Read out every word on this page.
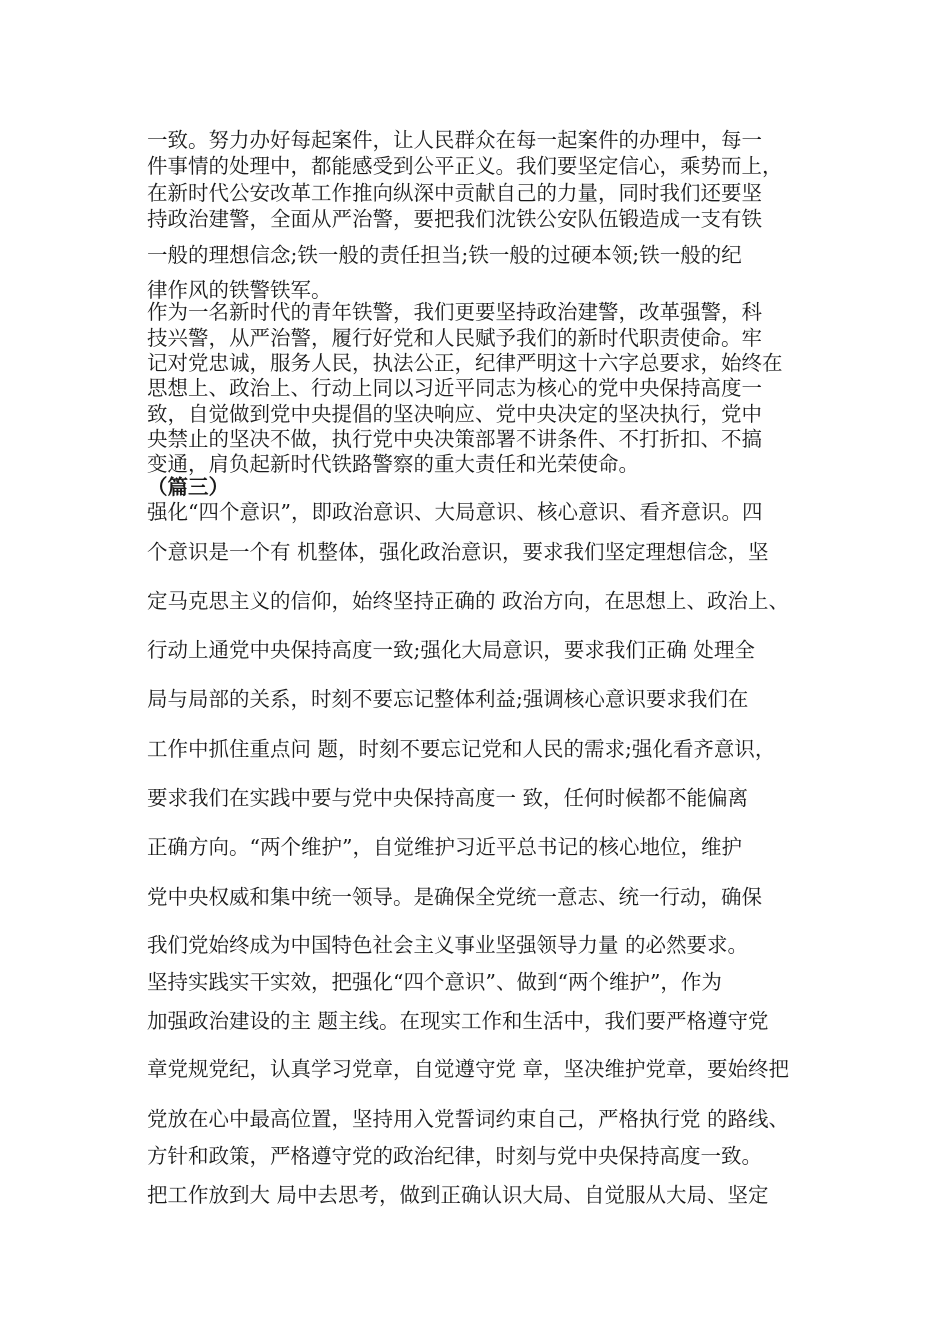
一致。努力办好每起案件，让人民群众在每一起案件的办理中，每一
件事情的处理中，都能感受到公平正义。我们要坚定信心，乘势而上，
在新时代公安改革工作推向纵深中贡献自己的力量，同时我们还要坚
持政治建警，全面从严治警，要把我们沈铁公安队伍锻造成一支有铁
一般的理想信念;铁一般的责任担当;铁一般的过硬本领;铁一般的纪
律作风的铁警铁军。
作为一名新时代的青年铁警，我们更要坚持政治建警，改革强警，科
技兴警，从严治警，履行好党和人民赋予我们的新时代职责使命。牢
记对党忠诚，服务人民，执法公正，纪律严明这十六字总要求，始终在
思想上、政治上、行动上同以习近平同志为核心的党中央保持高度一
致，自觉做到党中央提倡的坚决响应、党中央决定的坚决执行，党中
央禁止的坚决不做，执行党中央决策部署不讲条件、不打折扣、不搞
变通，肩负起新时代铁路警察的重大责任和光荣使命。
（篇三）
强化“四个意识”，即政治意识、大局意识、核心意识、看齐意识。四
个意识是一个有 机整体，强化政治意识，要求我们坚定理想信念，坚
定马克思主义的信仰，始终坚持正确的 政治方向，在思想上、政治上、
行动上通党中央保持高度一致;强化大局意识，要求我们正确 处理全
局与局部的关系，时刻不要忘记整体利益;强调核心意识要求我们在
工作中抓住重点问 题，时刻不要忘记党和人民的需求;强化看齐意识，
要求我们在实践中要与党中央保持高度一 致，任何时候都不能偏离
正确方向。“两个维护”，自觉维护习近平总书记的核心地位，维护
党中央权威和集中统一领导。是确保全党统一意志、统一行动，确保
我们党始终成为中国特色社会主义事业坚强领导力量 的必然要求。
坚持实践实干实效，把强化“四个意识”、做到“两个维护”，作为
加强政治建设的主 题主线。在现实工作和生活中，我们要严格遵守党
章党规党纪，认真学习党章，自觉遵守党 章，坚决维护党章，要始终把
党放在心中最高位置，坚持用入党誓词约束自己，严格执行党 的路线、
方针和政策，严格遵守党的政治纪律，时刻与党中央保持高度一致。
把工作放到大 局中去思考，做到正确认识大局、自觉服从大局、坚定
